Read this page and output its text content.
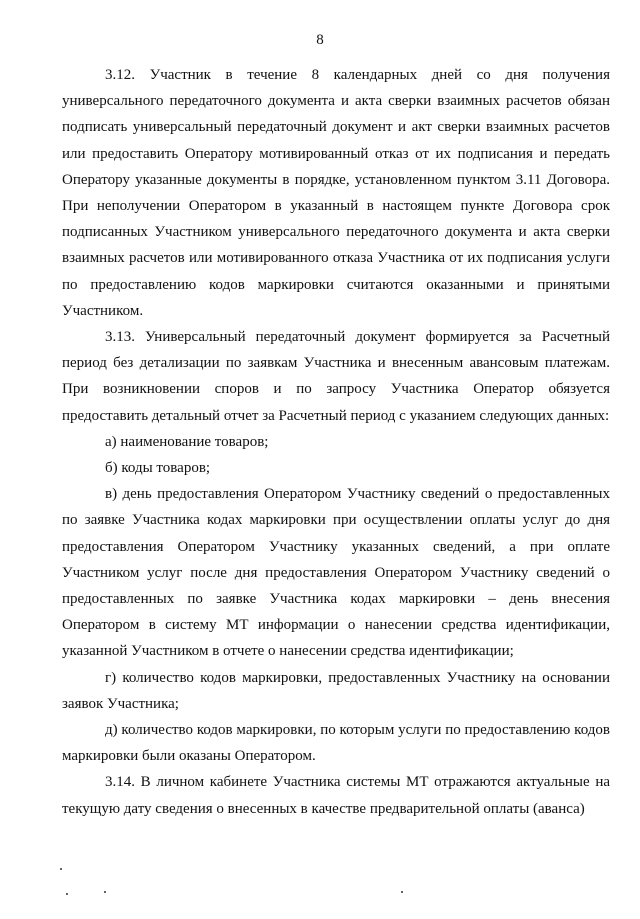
8

3.12. Участник в течение 8 календарных дней со дня получения универсального передаточного документа и акта сверки взаимных расчетов обязан подписать универсальный передаточный документ и акт сверки взаимных расчетов или предоставить Оператору мотивированный отказ от их подписания и передать Оператору указанные документы в порядке, установленном пунктом 3.11 Договора. При неполучении Оператором в указанный в настоящем пункте Договора срок подписанных Участником универсального передаточного документа и акта сверки взаимных расчетов или мотивированного отказа Участника от их подписания услуги по предоставлению кодов маркировки считаются оказанными и принятыми Участником.

3.13. Универсальный передаточный документ формируется за Расчетный период без детализации по заявкам Участника и внесенным авансовым платежам. При возникновении споров и по запросу Участника Оператор обязуется предоставить детальный отчет за Расчетный период с указанием следующих данных:

а) наименование товаров;

б) коды товаров;

в) день предоставления Оператором Участнику сведений о предоставленных по заявке Участника кодах маркировки при осуществлении оплаты услуг до дня предоставления Оператором Участнику указанных сведений, а при оплате Участником услуг после дня предоставления Оператором Участнику сведений о предоставленных по заявке Участника кодах маркировки – день внесения Оператором в систему МТ информации о нанесении средства идентификации, указанной Участником в отчете о нанесении средства идентификации;

г) количество кодов маркировки, предоставленных Участнику на основании заявок Участника;

д) количество кодов маркировки, по которым услуги по предоставлению кодов маркировки были оказаны Оператором.

3.14. В личном кабинете Участника системы МТ отражаются актуальные на текущую дату сведения о внесенных в качестве предварительной оплаты (аванса)
